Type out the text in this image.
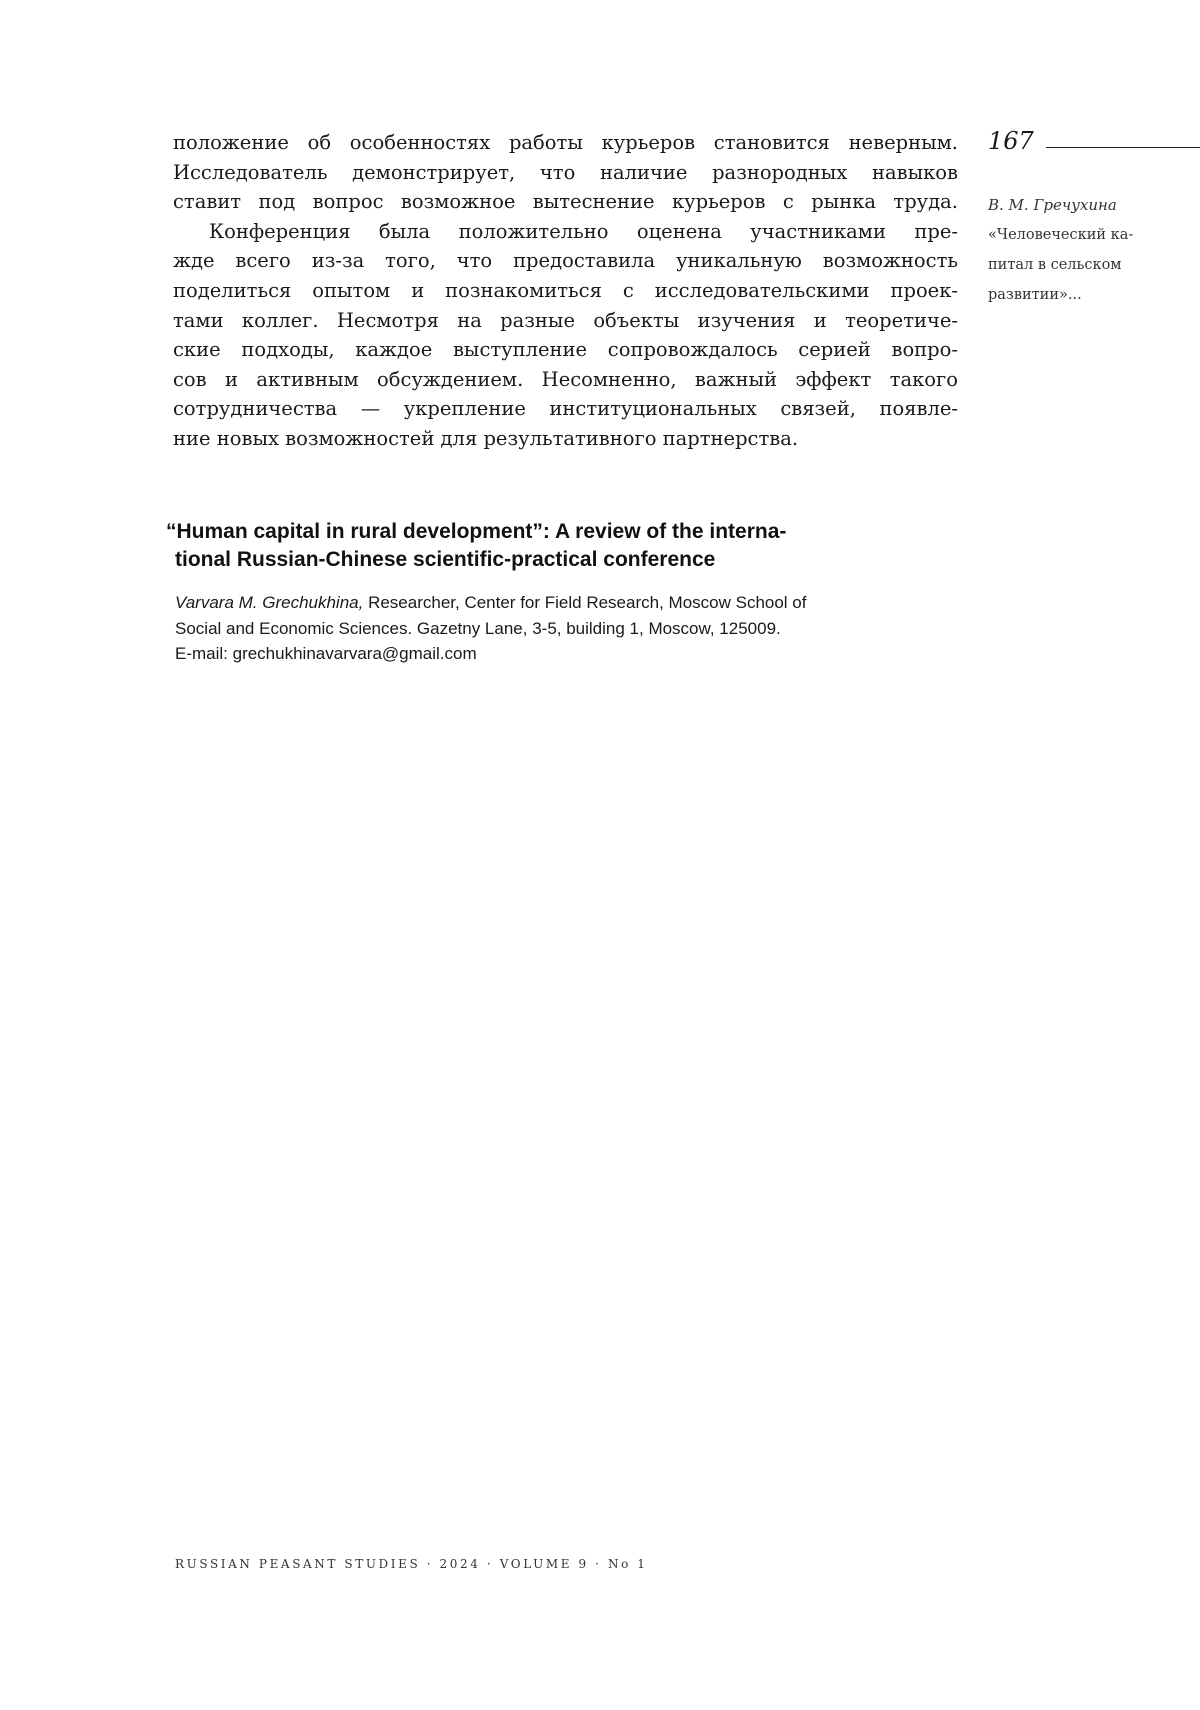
167

В. М. Гречухина

«Человеческий ка-
питал в сельском
развитии»...

положение об особенностях работы курьеров становится неверным.
Исследователь демонстрирует, что наличие разнородных навыков
ставит под вопрос возможное вытеснение курьеров с рынка труда.
Конференция была положительно оценена участниками пре-
жде всего из-за того, что предоставила уникальную возможность
поделиться опытом и познакомиться с исследовательскими проек-
тами коллег. Несмотря на разные объекты изучения и теоретиче-
ские подходы, каждое выступление сопровождалось серией вопро-
сов и активным обсуждением. Несомненно, важный эффект такого
сотрудничества — укрепление институциональных связей, появле-
ние новых возможностей для результативного партнерства.
“Human capital in rural development”: A review of the interna-
tional Russian-Chinese scientific-practical conference
Varvara M. Grechukhina, Researcher, Center for Field Research, Moscow School of
Social and Economic Sciences. Gazetny Lane, 3-5, building 1, Moscow, 125009.
E-mail: grechukhinavarvara@gmail.com
RUSSIAN PEASANT STUDIES · 2024 · VOLUME 9 · No 1
